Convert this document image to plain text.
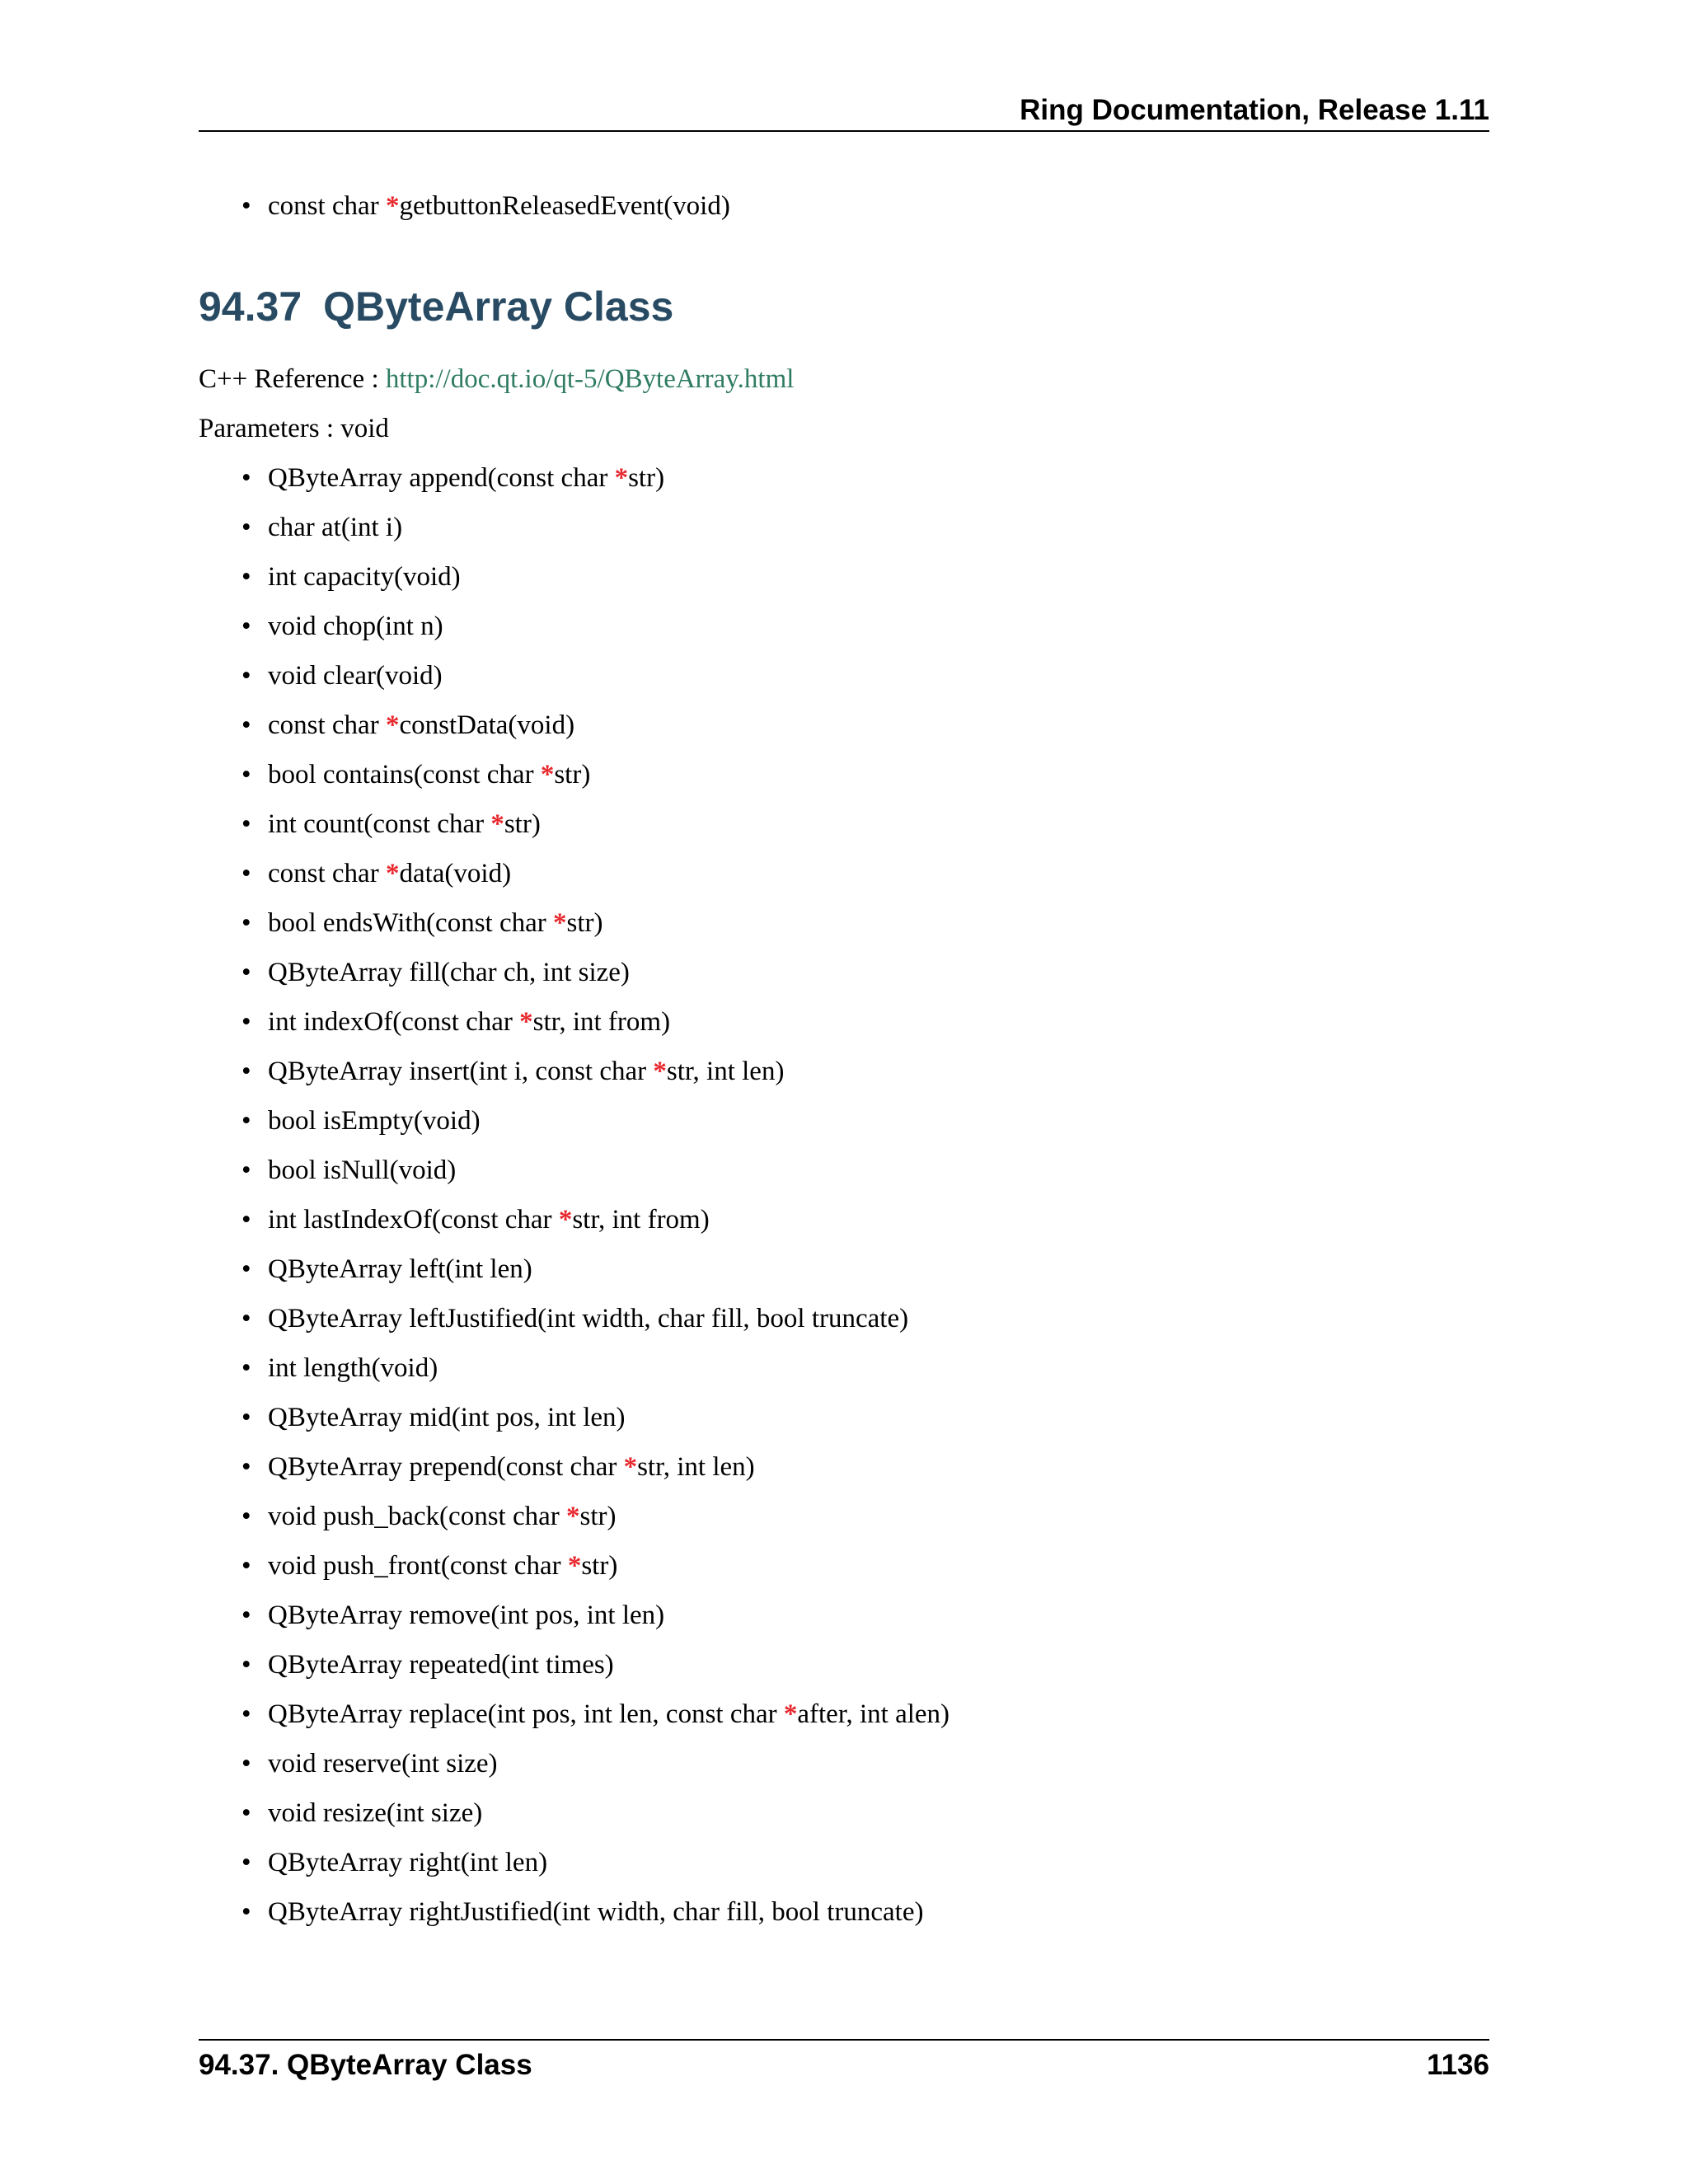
Ring Documentation, Release 1.11
• const char *getbuttonReleasedEvent(void)
94.37 QByteArray Class
C++ Reference : http://doc.qt.io/qt-5/QByteArray.html
Parameters : void
• QByteArray append(const char *str)
• char at(int i)
• int capacity(void)
• void chop(int n)
• void clear(void)
• const char *constData(void)
• bool contains(const char *str)
• int count(const char *str)
• const char *data(void)
• bool endsWith(const char *str)
• QByteArray fill(char ch, int size)
• int indexOf(const char *str, int from)
• QByteArray insert(int i, const char *str, int len)
• bool isEmpty(void)
• bool isNull(void)
• int lastIndexOf(const char *str, int from)
• QByteArray left(int len)
• QByteArray leftJustified(int width, char fill, bool truncate)
• int length(void)
• QByteArray mid(int pos, int len)
• QByteArray prepend(const char *str, int len)
• void push_back(const char *str)
• void push_front(const char *str)
• QByteArray remove(int pos, int len)
• QByteArray repeated(int times)
• QByteArray replace(int pos, int len, const char *after, int alen)
• void reserve(int size)
• void resize(int size)
• QByteArray right(int len)
• QByteArray rightJustified(int width, char fill, bool truncate)
94.37. QByteArray Class	1136
